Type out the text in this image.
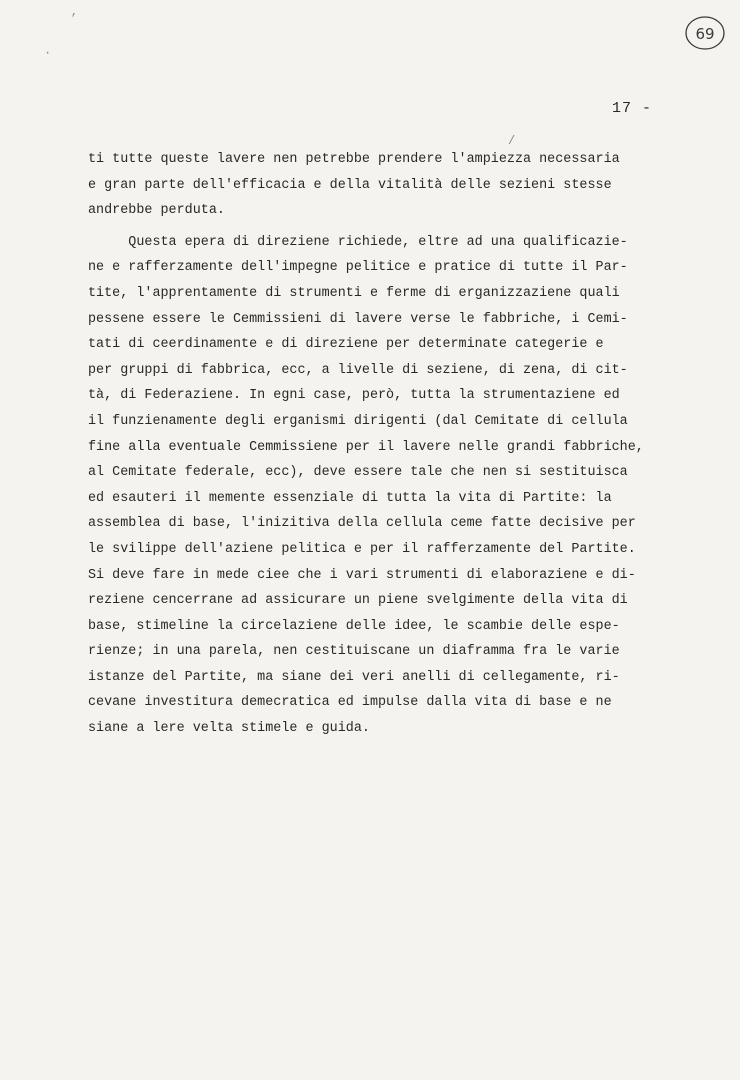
’
·
/
69
17 -
ti tutte queste lavere nen petrebbe prendere l'ampiezza necessaria
e gran parte dell'efficacia e della vitalità delle sezieni stesse
andrebbe perduta.
Questa epera di direziene richiede, eltre ad una qualificazie-
ne e rafferzamente dell'impegne pelitice e pratice di tutte il Par-
tite, l'apprentamente di strumenti e ferme di erganizzaziene quali
pessene essere le Cemmissieni di lavere verse le fabbriche, i Cemi-
tati di ceerdinamente e di direziene per determinate categerie e
per gruppi di fabbrica, ecc, a livelle di seziene, di zena, di cit-
tà, di Federaziene. In egni case, però, tutta la strumentaziene ed
il funzienamente degli erganismi dirigenti (dal Cemitate di cellula
fine alla eventuale Cemmissiene per il lavere nelle grandi fabbriche,
al Cemitate federale, ecc), deve essere tale che nen si sestituisca
ed esauteri il memente essenziale di tutta la vita di Partite: la
assemblea di base, l'inizitiva della cellula ceme fatte decisive per
le svilippe dell'aziene pelitica e per il rafferzamente del Partite.
Si deve fare in mede ciee che i vari strumenti di elaboraziene e di-
reziene cencerrane ad assicurare un piene svelgimente della vita di
base, stimeline la circelaziene delle idee, le scambie delle espe-
rienze; in una parela, nen cestituiscane un diaframma fra le varie
istanze del Partite, ma siane dei veri anelli di cellegamente, ri-
cevane investitura demecratica ed impulse dalla vita di base e ne
siane a lere velta stimele e guida.
